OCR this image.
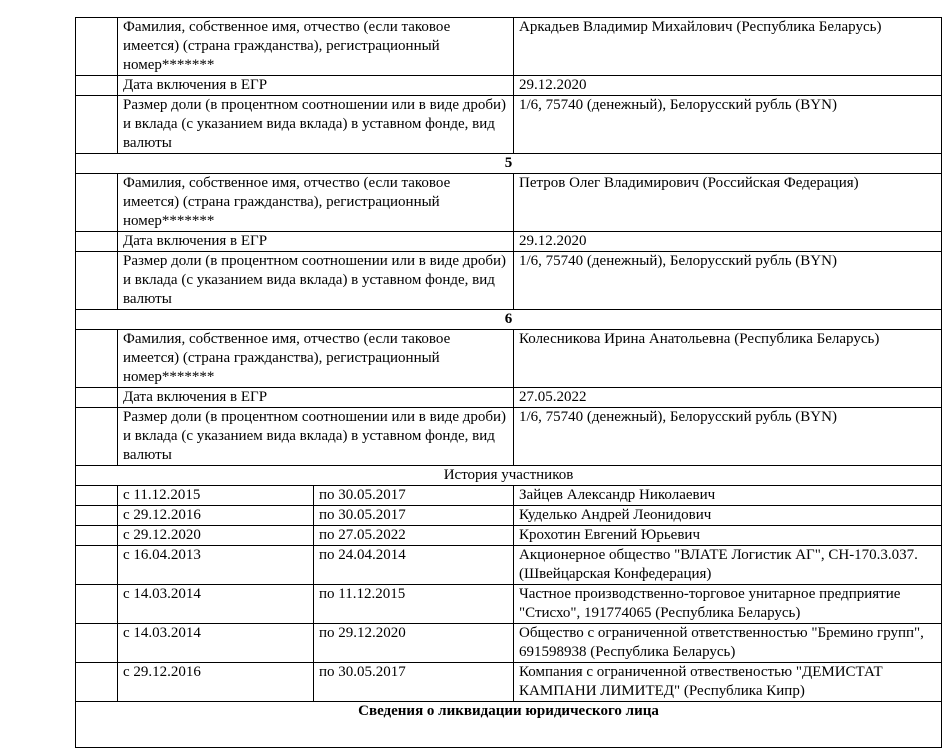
	Фамилия, собственное имя, отчество (если таковое имеется) (страна гражданства), регистрационный номер*******		Аркадьев Владимир Михайлович (Республика Беларусь)
	Дата включения в ЕГР		29.12.2020
	Размер доли (в процентном соотношении или в виде дроби) и вклада (с указанием вида вклада) в уставном фонде, вид валюты		1/6, 75740 (денежный), Белорусский рубль (BYN)
5			
	Фамилия, собственное имя, отчество (если таковое имеется) (страна гражданства), регистрационный номер*******		Петров Олег Владимирович (Российская Федерация)
	Дата включения в ЕГР		29.12.2020
	Размер доли (в процентном соотношении или в виде дроби) и вклада (с указанием вида вклада) в уставном фонде, вид валюты		1/6, 75740 (денежный), Белорусский рубль (BYN)
6			
	Фамилия, собственное имя, отчество (если таковое имеется) (страна гражданства), регистрационный номер*******		Колесникова Ирина Анатольевна (Республика Беларусь)
	Дата включения в ЕГР		27.05.2022
	Размер доли (в процентном соотношении или в виде дроби) и вклада (с указанием вида вклада) в уставном фонде, вид валюты		1/6, 75740 (денежный), Белорусский рубль (BYN)
История участников			
	с 11.12.2015	по 30.05.2017	Зайцев Александр Николаевич
	с 29.12.2016	по 30.05.2017	Куделько Андрей Леонидович
	с 29.12.2020	по 27.05.2022	Крохотин Евгений Юрьевич
	с 16.04.2013	по 24.04.2014	Акционерное общество "ВЛАТЕ Логистик АГ", CH-170.3.037. (Швейцарская Конфедерация)
	с 14.03.2014	по 11.12.2015	Частное производственно-торговое унитарное предприятие "Стисхо", 191774065 (Республика Беларусь)
	с 14.03.2014	по 29.12.2020	Общество с ограниченной ответственностью "Бремино групп", 691598938 (Республика Беларусь)
	с 29.12.2016	по 30.05.2017	Компания с ограниченной отвественостью "ДЕМИСТАТ КАМПАНИ ЛИМИТЕД" (Республика Кипр)
Сведения о ликвидации юридического лица			
